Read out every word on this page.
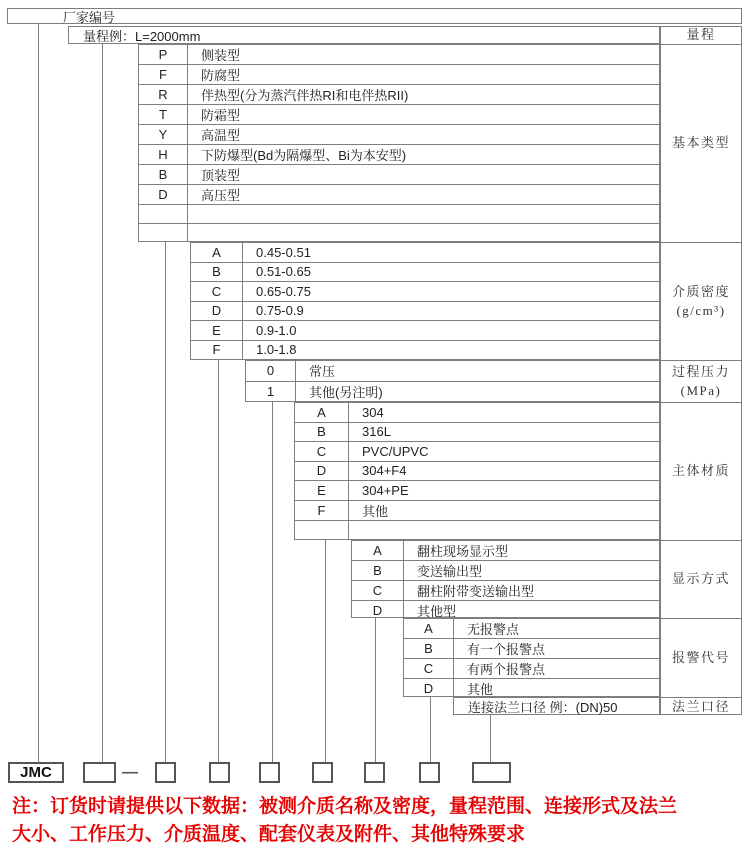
厂家编号
量程例：L=2000mm
P	侧装型
F	防腐型
R	伴热型(分为蒸汽伴热RI和电伴热RII)
T	防霜型
Y	高温型
H	下防爆型(Bd为隔爆型、Bi为本安型)
B	顶装型
D	高压型
A	0.45-0.51
B	0.51-0.65
C	0.65-0.75
D	0.75-0.9
E	0.9-1.0
F	1.0-1.8
0	常压
1	其他(另注明)
A	304
B	316L
C	PVC/UPVC
D	304+F4
E	304+PE
F	其他
A	翻柱现场显示型
B	变送输出型
C	翻柱附带变送输出型
D	其他型
A	无报警点
B	有一个报警点
C	有两个报警点
D	其他
连接法兰口径 例：(DN)50
量程
基本类型
介质密度
(g/cm³)
过程压力
(MPa)
主体材质
显示方式
报警代号
法兰口径
JMC	—
注：订货时请提供以下数据：被测介质名称及密度，量程范围、连接形式及法兰
大小、工作压力、介质温度、配套仪表及附件、其他特殊要求
